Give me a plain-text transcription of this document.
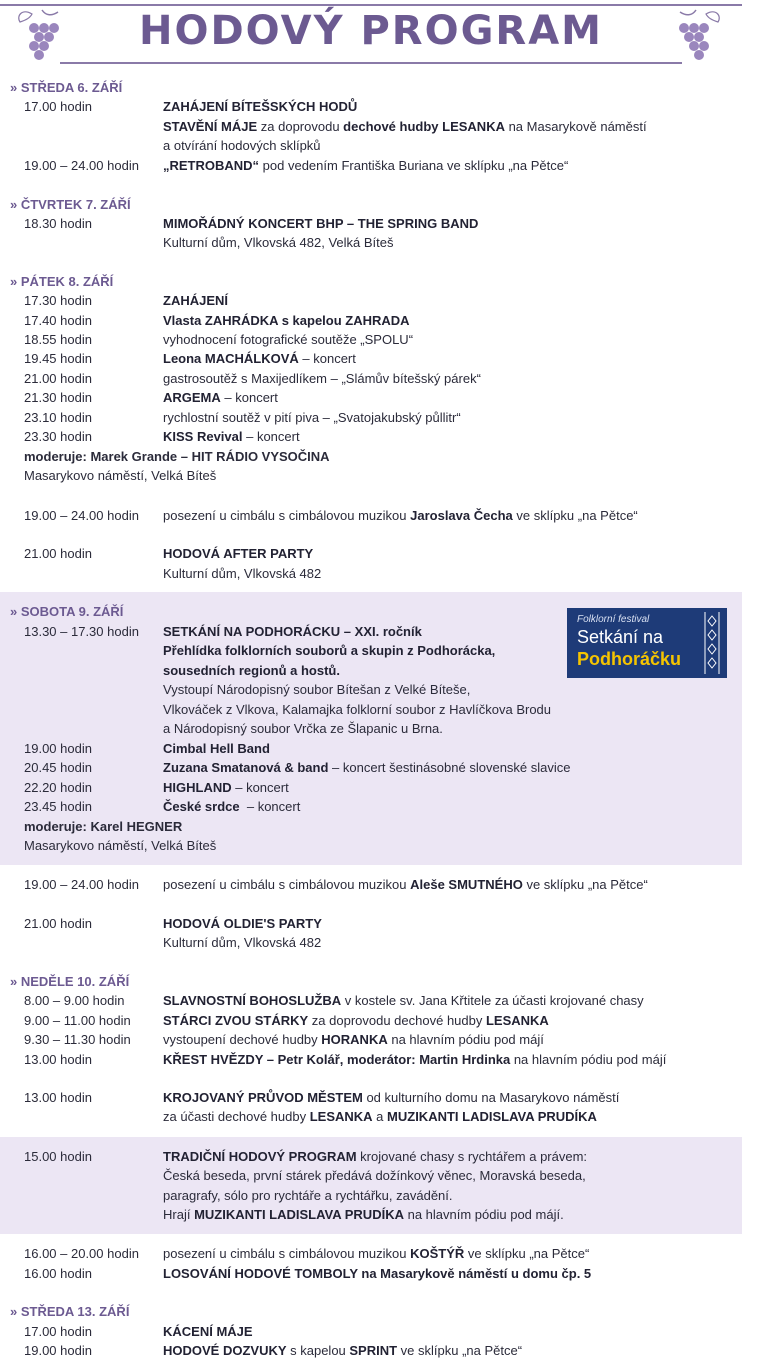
HODOVÝ PROGRAM
» STŘEDA 6. ZÁŘÍ
17.00 hodin	ZAHÁJENÍ BÍTEŠSKÝCH HODŮ
STAVĚNÍ MÁJE za doprovodu dechové hudby LESANKA na Masarykově náměstí
a otvírání hodových sklípků
19.00 – 24.00 hodin	„RETROBAND“ pod vedením Františka Buriana ve sklípku „na Pětce“
» ČTVRTEK 7. ZÁŘÍ
18.30 hodin	MIMOŘÁDNÝ KONCERT BHP – THE SPRING BAND
Kulturní dům, Vlkovská 482, Velká Bíteš
» PÁTEK 8. ZÁŘÍ
17.30 hodin	ZAHÁJENÍ
17.40 hodin	Vlasta ZAHRÁDKA s kapelou ZAHRADA
18.55 hodin	vyhodnocení fotografické soutěže „SPOLU“
19.45 hodin	Leona MACHÁLKOVÁ – koncert
21.00 hodin	gastrosoutěž s Maxijedlíkem – „Slámův bítešský párek“
21.30 hodin	ARGEMA – koncert
23.10 hodin	rychlostní soutěž v pití piva – „Svatojakubský půllitr“
23.30 hodin	KISS Revival – koncert
moderuje: Marek Grande – HIT RÁDIO VYSOČINA
Masarykovo náměstí, Velká Bíteš
19.00 – 24.00 hodin	posezení u cimbálu s cimbálovou muzikou Jaroslava Čecha ve sklípku „na Pětce“
21.00 hodin	HODOVÁ AFTER PARTY
Kulturní dům, Vlkovská 482
» SOBOTA 9. ZÁŘÍ
13.30 – 17.30 hodin	SETKÁNÍ NA PODHORÁCKU – XXI. ročník
Přehlídka folklorních souborů a skupin z Podhorácka,
sousedních regionů a hostů.
Vystoupí Národopisný soubor Bítešan z Velké Bíteše,
Vlkováček z Vlkova, Kalamajka folklorní soubor z Havlíčkova Brodu
a Národopisný soubor Vrčka ze Šlapanic u Brna.
19.00 hodin	Cimbal Hell Band
20.45 hodin	Zuzana Smatanová & band – koncert šestinásobné slovenské slavice
22.20 hodin	HIGHLAND – koncert
23.45 hodin	České srdce  – koncert
moderuje: Karel HEGNER
Masarykovo náměstí, Velká Bíteš
Folklorní festival
Setkání na
Podhoráčku
19.00 – 24.00 hodin	posezení u cimbálu s cimbálovou muzikou Aleše SMUTNÉHO ve sklípku „na Pětce“
21.00 hodin	HODOVÁ OLDIE'S PARTY
Kulturní dům, Vlkovská 482
» NEDĚLE 10. ZÁŘÍ
8.00 – 9.00 hodin	SLAVNOSTNÍ BOHOSLUŽBA v kostele sv. Jana Křtitele za účasti krojované chasy
9.00 – 11.00 hodin	STÁRCI ZVOU STÁRKY za doprovodu dechové hudby LESANKA
9.30 – 11.30 hodin	vystoupení dechové hudby HORANKA na hlavním pódiu pod májí
13.00 hodin	KŘEST HVĚZDY – Petr Kolář, moderátor: Martin Hrdinka na hlavním pódiu pod májí
13.00 hodin	KROJOVANÝ PRŮVOD MĚSTEM od kulturního domu na Masarykovo náměstí
za účasti dechové hudby LESANKA a MUZIKANTI LADISLAVA PRUDÍKA
15.00 hodin	TRADIČNÍ HODOVÝ PROGRAM krojované chasy s rychtářem a právem:
Česká beseda, první stárek předává dožínkový věnec, Moravská beseda,
paragrafy, sólo pro rychtáře a rychtářku, zavádění.
Hrají MUZIKANTI LADISLAVA PRUDÍKA na hlavním pódiu pod májí.
16.00 – 20.00 hodin	posezení u cimbálu s cimbálovou muzikou KOŠTÝŘ ve sklípku „na Pětce“
16.00 hodin	LOSOVÁNÍ HODOVÉ TOMBOLY na Masarykově náměstí u domu čp. 5
» STŘEDA 13. ZÁŘÍ
17.00 hodin	KÁCENÍ MÁJE
19.00 hodin	HODOVÉ DOZVUKY s kapelou SPRINT ve sklípku „na Pětce“
